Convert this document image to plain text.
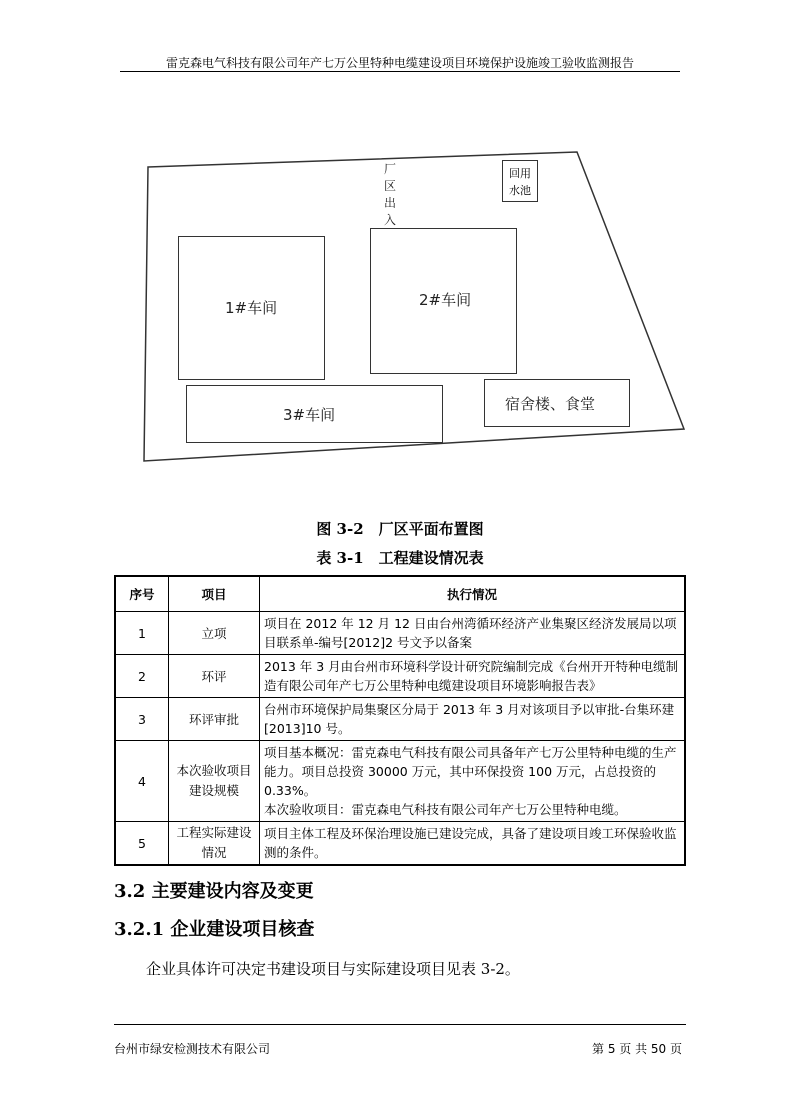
雷克森电气科技有限公司年产七万公里特种电缆建设项目环境保护设施竣工验收监测报告
厂区出入
回用
水池
1#车间	2#车间
3#车间
宿舍楼、食堂
图 3-2　厂区平面布置图
表 3-1　工程建设情况表
序号	项目	执行情况
1	立项	项目在 2012 年 12 月 12 日由台州湾循环经济产业集聚区经济发展局以项目联系单-编号[2012]2 号文予以备案
2	环评	2013 年 3 月由台州市环境科学设计研究院编制完成《台州开开特种电缆制造有限公司年产七万公里特种电缆建设项目环境影响报告表》
3	环评审批	台州市环境保护局集聚区分局于 2013 年 3 月对该项目予以审批-台集环建[2013]10 号。
4	本次验收项目建设规模	项目基本概况：雷克森电气科技有限公司具备年产七万公里特种电缆的生产能力。项目总投资 30000 万元，其中环保投资 100 万元，占总投资的 0.33%。
本次验收项目：雷克森电气科技有限公司年产七万公里特种电缆。

5	工程实际建设情况	项目主体工程及环保治理设施已建设完成，具备了建设项目竣工环保验收监测的条件。
3.2 主要建设内容及变更
3.2.1 企业建设项目核查
企业具体许可决定书建设项目与实际建设项目见表 3-2。
台州市绿安检测技术有限公司	第 5 页 共 50 页
